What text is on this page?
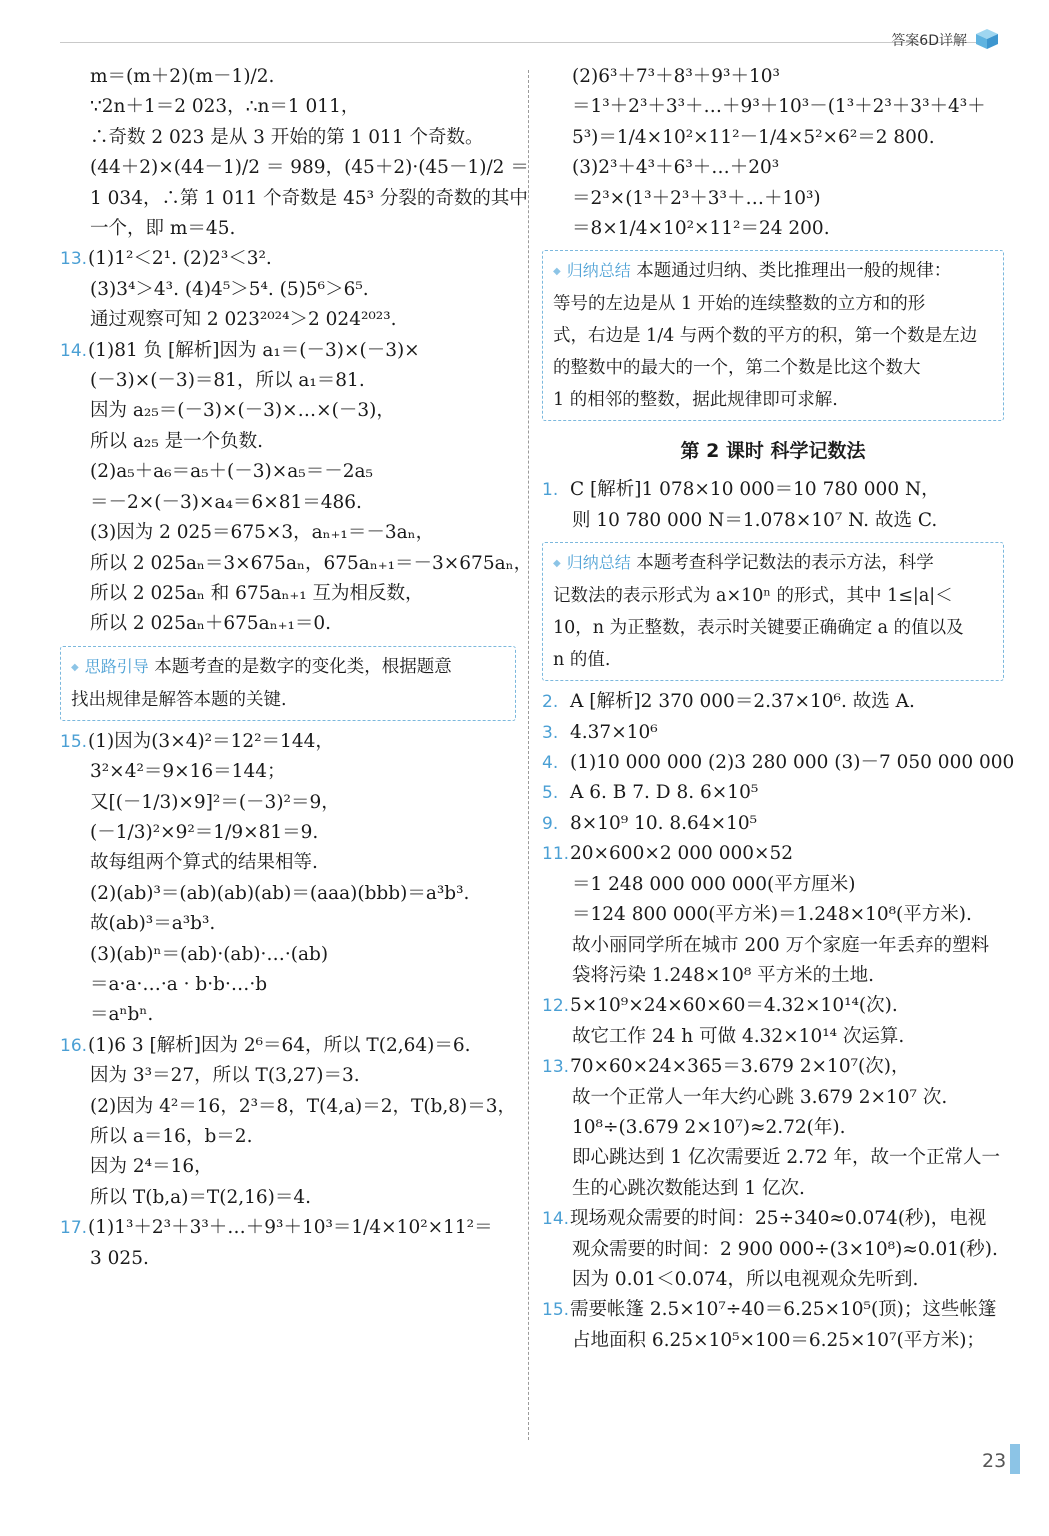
答案6D详解
m＝(m＋2)(m－1)/2.
∵2n＋1＝2 023，∴n＝1 011，
∴奇数 2 023 是从 3 开始的第 1 011 个奇数。
(44＋2)×(44－1)/2 ＝ 989，(45＋2)·(45－1)/2 ＝
1 034，∴第 1 011 个奇数是 45³ 分裂的奇数的其中
一个，即 m＝45.
13.(1)1²＜2¹. (2)2³＜3².
(3)3⁴＞4³. (4)4⁵＞5⁴. (5)5⁶＞6⁵.
通过观察可知 2 023²⁰²⁴＞2 024²⁰²³.
14.(1)81 负 [解析]因为 a₁＝(－3)×(－3)×
(－3)×(－3)＝81，所以 a₁＝81.
因为 a₂₅＝(－3)×(－3)×…×(－3)，
所以 a₂₅ 是一个负数.
(2)a₅＋a₆＝a₅＋(－3)×a₅＝－2a₅
＝－2×(－3)×a₄＝6×81＝486.
(3)因为 2 025＝675×3，aₙ₊₁＝－3aₙ，
所以 2 025aₙ＝3×675aₙ，675aₙ₊₁＝－3×675aₙ，
所以 2 025aₙ 和 675aₙ₊₁ 互为相反数，
所以 2 025aₙ＋675aₙ₊₁＝0.
◆ 思路引导 本题考查的是数字的变化类，根据题意
找出规律是解答本题的关键.
15.(1)因为(3×4)²＝12²＝144，
3²×4²＝9×16＝144；
又[(－1/3)×9]²＝(－3)²＝9，
(－1/3)²×9²＝1/9×81＝9.
故每组两个算式的结果相等.
(2)(ab)³＝(ab)(ab)(ab)＝(aaa)(bbb)＝a³b³.
故(ab)³＝a³b³.
(3)(ab)ⁿ＝(ab)·(ab)·…·(ab)
＝a·a·…·a · b·b·…·b
＝aⁿbⁿ.
16.(1)6 3 [解析]因为 2⁶＝64，所以 T(2,64)＝6.
因为 3³＝27，所以 T(3,27)＝3.
(2)因为 4²＝16，2³＝8，T(4,a)＝2，T(b,8)＝3，
所以 a＝16，b＝2.
因为 2⁴＝16，
所以 T(b,a)＝T(2,16)＝4.
17.(1)1³＋2³＋3³＋…＋9³＋10³＝1/4×10²×11²＝
3 025.
(2)6³＋7³＋8³＋9³＋10³
＝1³＋2³＋3³＋…＋9³＋10³－(1³＋2³＋3³＋4³＋
5³)＝1/4×10²×11²－1/4×5²×6²＝2 800.
(3)2³＋4³＋6³＋…＋20³
＝2³×(1³＋2³＋3³＋…＋10³)
＝8×1/4×10²×11²＝24 200.
◆ 归纳总结 本题通过归纳、类比推理出一般的规律：
等号的左边是从 1 开始的连续整数的立方和的形
式，右边是 1/4 与两个数的平方的积，第一个数是左边
的整数中的最大的一个，第二个数是比这个数大
1 的相邻的整数，据此规律即可求解.
第 2 课时 科学记数法
1. C [解析]1 078×10 000＝10 780 000 N，
则 10 780 000 N＝1.078×10⁷ N. 故选 C.
◆ 归纳总结 本题考查科学记数法的表示方法，科学
记数法的表示形式为 a×10ⁿ 的形式，其中 1≤|a|＜
10，n 为正整数，表示时关键要正确确定 a 的值以及
n 的值.
2. A [解析]2 370 000＝2.37×10⁶. 故选 A.
3. 4.37×10⁶
4. (1)10 000 000 (2)3 280 000 (3)－7 050 000 000
5. A 6. B 7. D 8. 6×10⁵
9. 8×10⁹ 10. 8.64×10⁵
11.20×600×2 000 000×52
＝1 248 000 000 000(平方厘米)
＝124 800 000(平方米)＝1.248×10⁸(平方米).
故小丽同学所在城市 200 万个家庭一年丢弃的塑料
袋将污染 1.248×10⁸ 平方米的土地.
12.5×10⁹×24×60×60＝4.32×10¹⁴(次).
故它工作 24 h 可做 4.32×10¹⁴ 次运算.
13.70×60×24×365＝3.679 2×10⁷(次)，
故一个正常人一年大约心跳 3.679 2×10⁷ 次.
10⁸÷(3.679 2×10⁷)≈2.72(年).
即心跳达到 1 亿次需要近 2.72 年，故一个正常人一
生的心跳次数能达到 1 亿次.
14.现场观众需要的时间：25÷340≈0.074(秒)，电视
观众需要的时间：2 900 000÷(3×10⁸)≈0.01(秒).
因为 0.01＜0.074，所以电视观众先听到.
15.需要帐篷 2.5×10⁷÷40＝6.25×10⁵(顶)；这些帐篷
占地面积 6.25×10⁵×100＝6.25×10⁷(平方米)；
23
